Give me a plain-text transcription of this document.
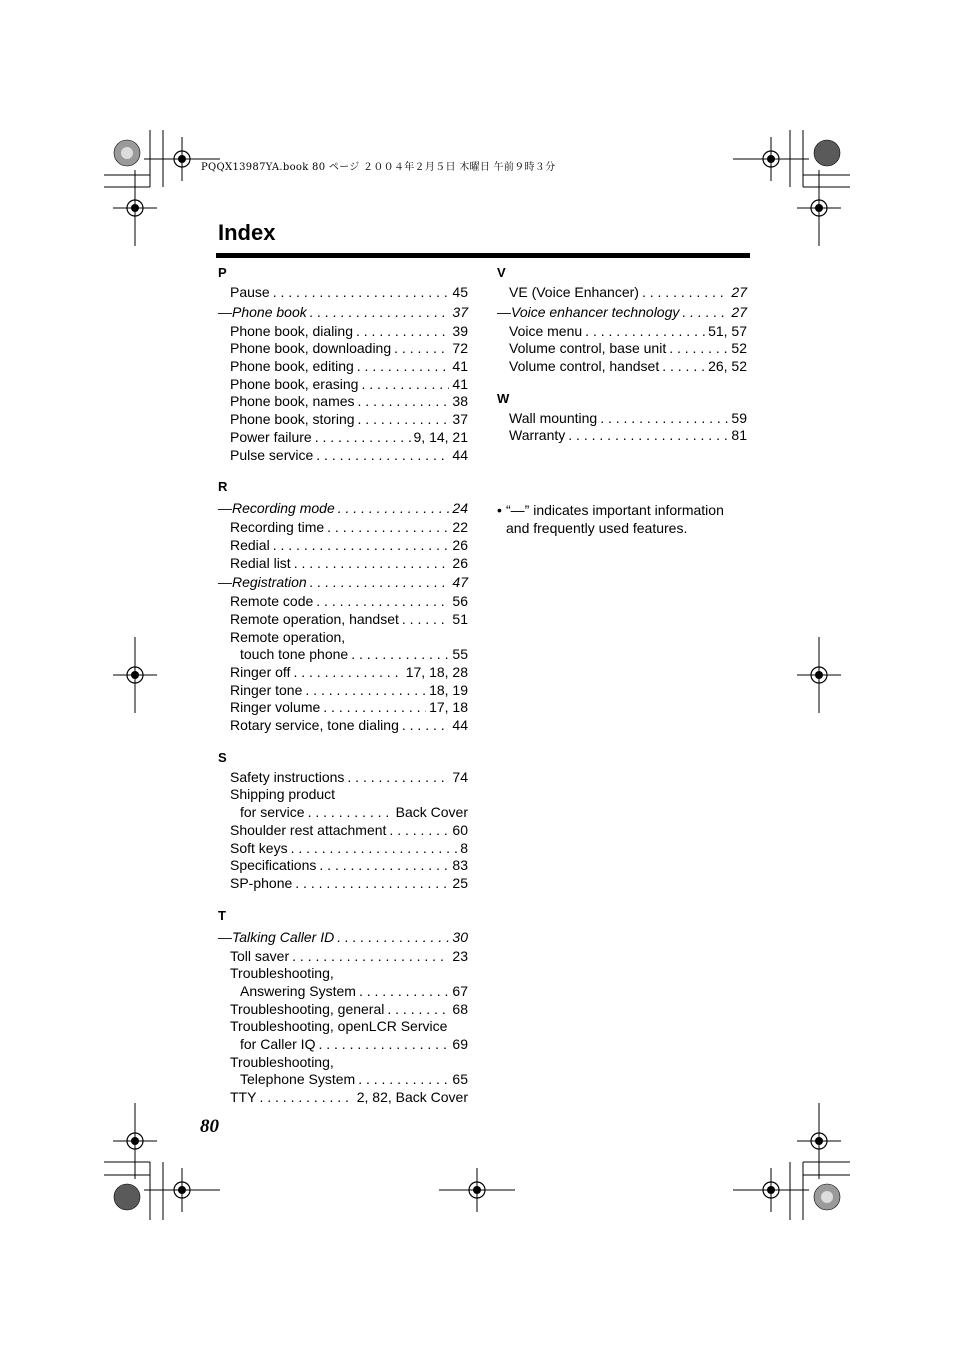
PQQX13987YA.book 80 ページ ２００４年２月５日 木曜日 午前９時３分
Index
P
Pause . . .	45
—Phone book . . .	37
Phone book, dialing . . .	39
Phone book, downloading . . .	72
Phone book, editing . . .	41
Phone book, erasing . . .	41
Phone book, names . . .	38
Phone book, storing . . .	37
Power failure . . .	9, 14, 21
Pulse service . . .	44
R
—Recording mode . . .	24
Recording time . . .	22
Redial . . .	26
Redial list . . .	26
—Registration . . .	47
Remote code . . .	56
Remote operation, handset . . .	51
Remote operation,
touch tone phone . . .	55
Ringer off . . .	17, 18, 28
Ringer tone . . .	18, 19
Ringer volume . . .	17, 18
Rotary service, tone dialing . . .	44
S
Safety instructions . . .	74
Shipping product
for service . . .	Back Cover
Shoulder rest attachment . . .	60
Soft keys . . .	8
Specifications . . .	83
SP-phone . . .	25
T
—Talking Caller ID . . .	30
Toll saver . . .	23
Troubleshooting,
Answering System . . .	67
Troubleshooting, general . . .	68
Troubleshooting, openLCR Service
for Caller IQ . . .	69
Troubleshooting,
Telephone System . . .	65
TTY . . .	2, 82, Back Cover
V
VE (Voice Enhancer) . . .	27
—Voice enhancer technology . . .	27
Voice menu . . .	51, 57
Volume control, base unit . . .	52
Volume control, handset . . .	26, 52
W
Wall mounting . . .	59
Warranty . . .	81
• “—” indicates important information and frequently used features.
80
